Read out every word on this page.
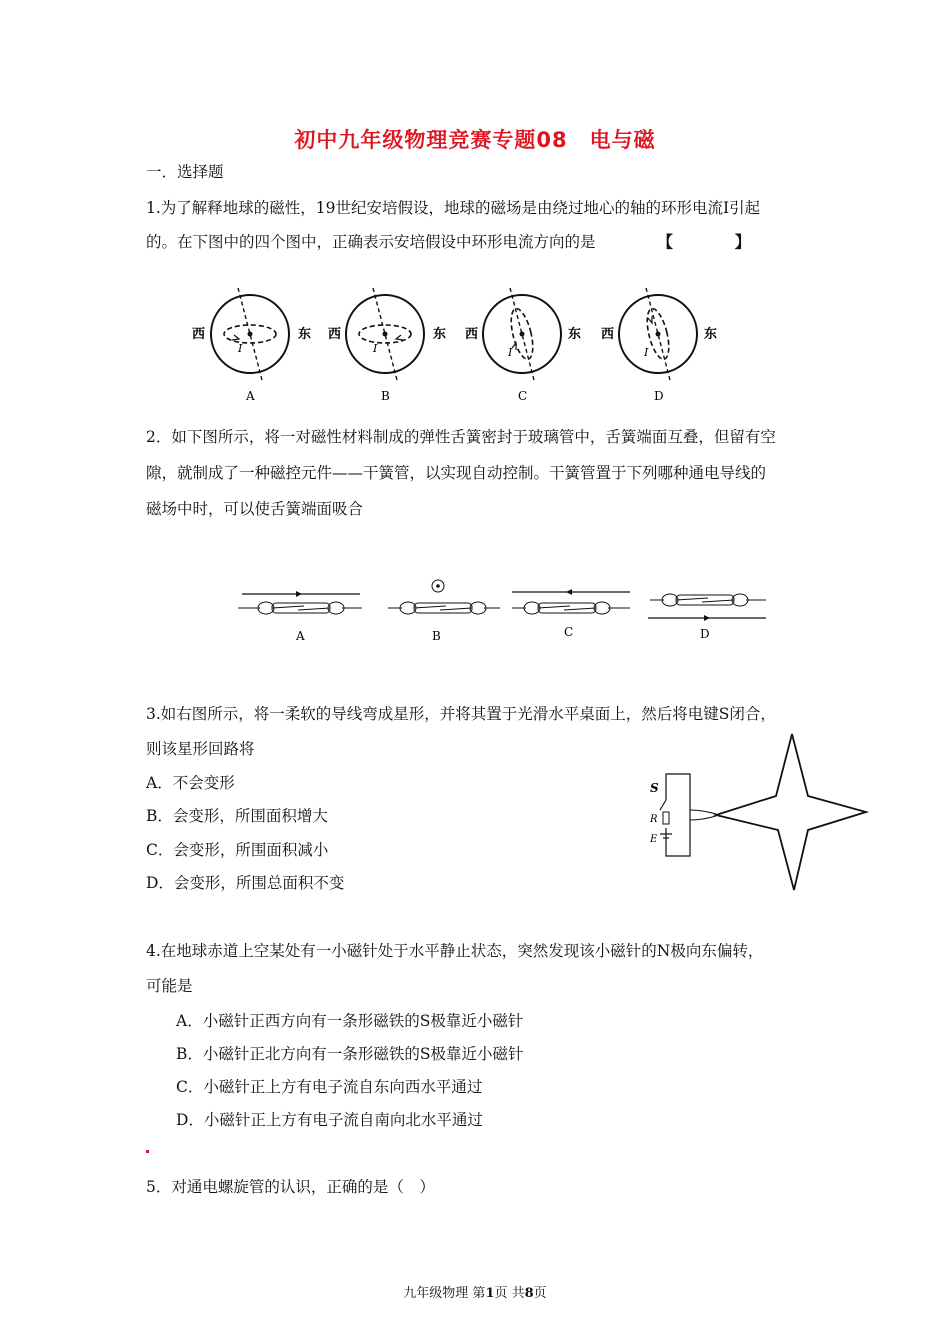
初中九年级物理竞赛专题08　电与磁
一．选择题
1.为了解释地球的磁性，19世纪安培假设，地球的磁场是由绕过地心的轴的环形电流I引起
的。在下图中的四个图中，正确表示安培假设中环形电流方向的是	【　　　　】
西	东
I
A
西	东
I
B
西	东
I
C
西	东
I
D
2．如下图所示，将一对磁性材料制成的弹性舌簧密封于玻璃管中，舌簧端面互叠，但留有空
隙，就制成了一种磁控元件——干簧管，以实现自动控制。干簧管置于下列哪种通电导线的
磁场中时，可以使舌簧端面吸合
A	B	C	D
3.如右图所示，将一柔软的导线弯成星形，并将其置于光滑水平桌面上，然后将电键S闭合，
则该星形回路将
A．不会变形
B．会变形，所围面积增大
C．会变形，所围面积减小
D．会变形，所围总面积不变
S
R
E
4.在地球赤道上空某处有一小磁针处于水平静止状态，突然发现该小磁针的N极向东偏转，
可能是
A．小磁针正西方向有一条形磁铁的S极靠近小磁针
B．小磁针正北方向有一条形磁铁的S极靠近小磁针
C．小磁针正上方有电子流自东向西水平通过
D．小磁针正上方有电子流自南向北水平通过
5．对通电螺旋管的认识，正确的是（　）
九年级物理 第1页 共8页
